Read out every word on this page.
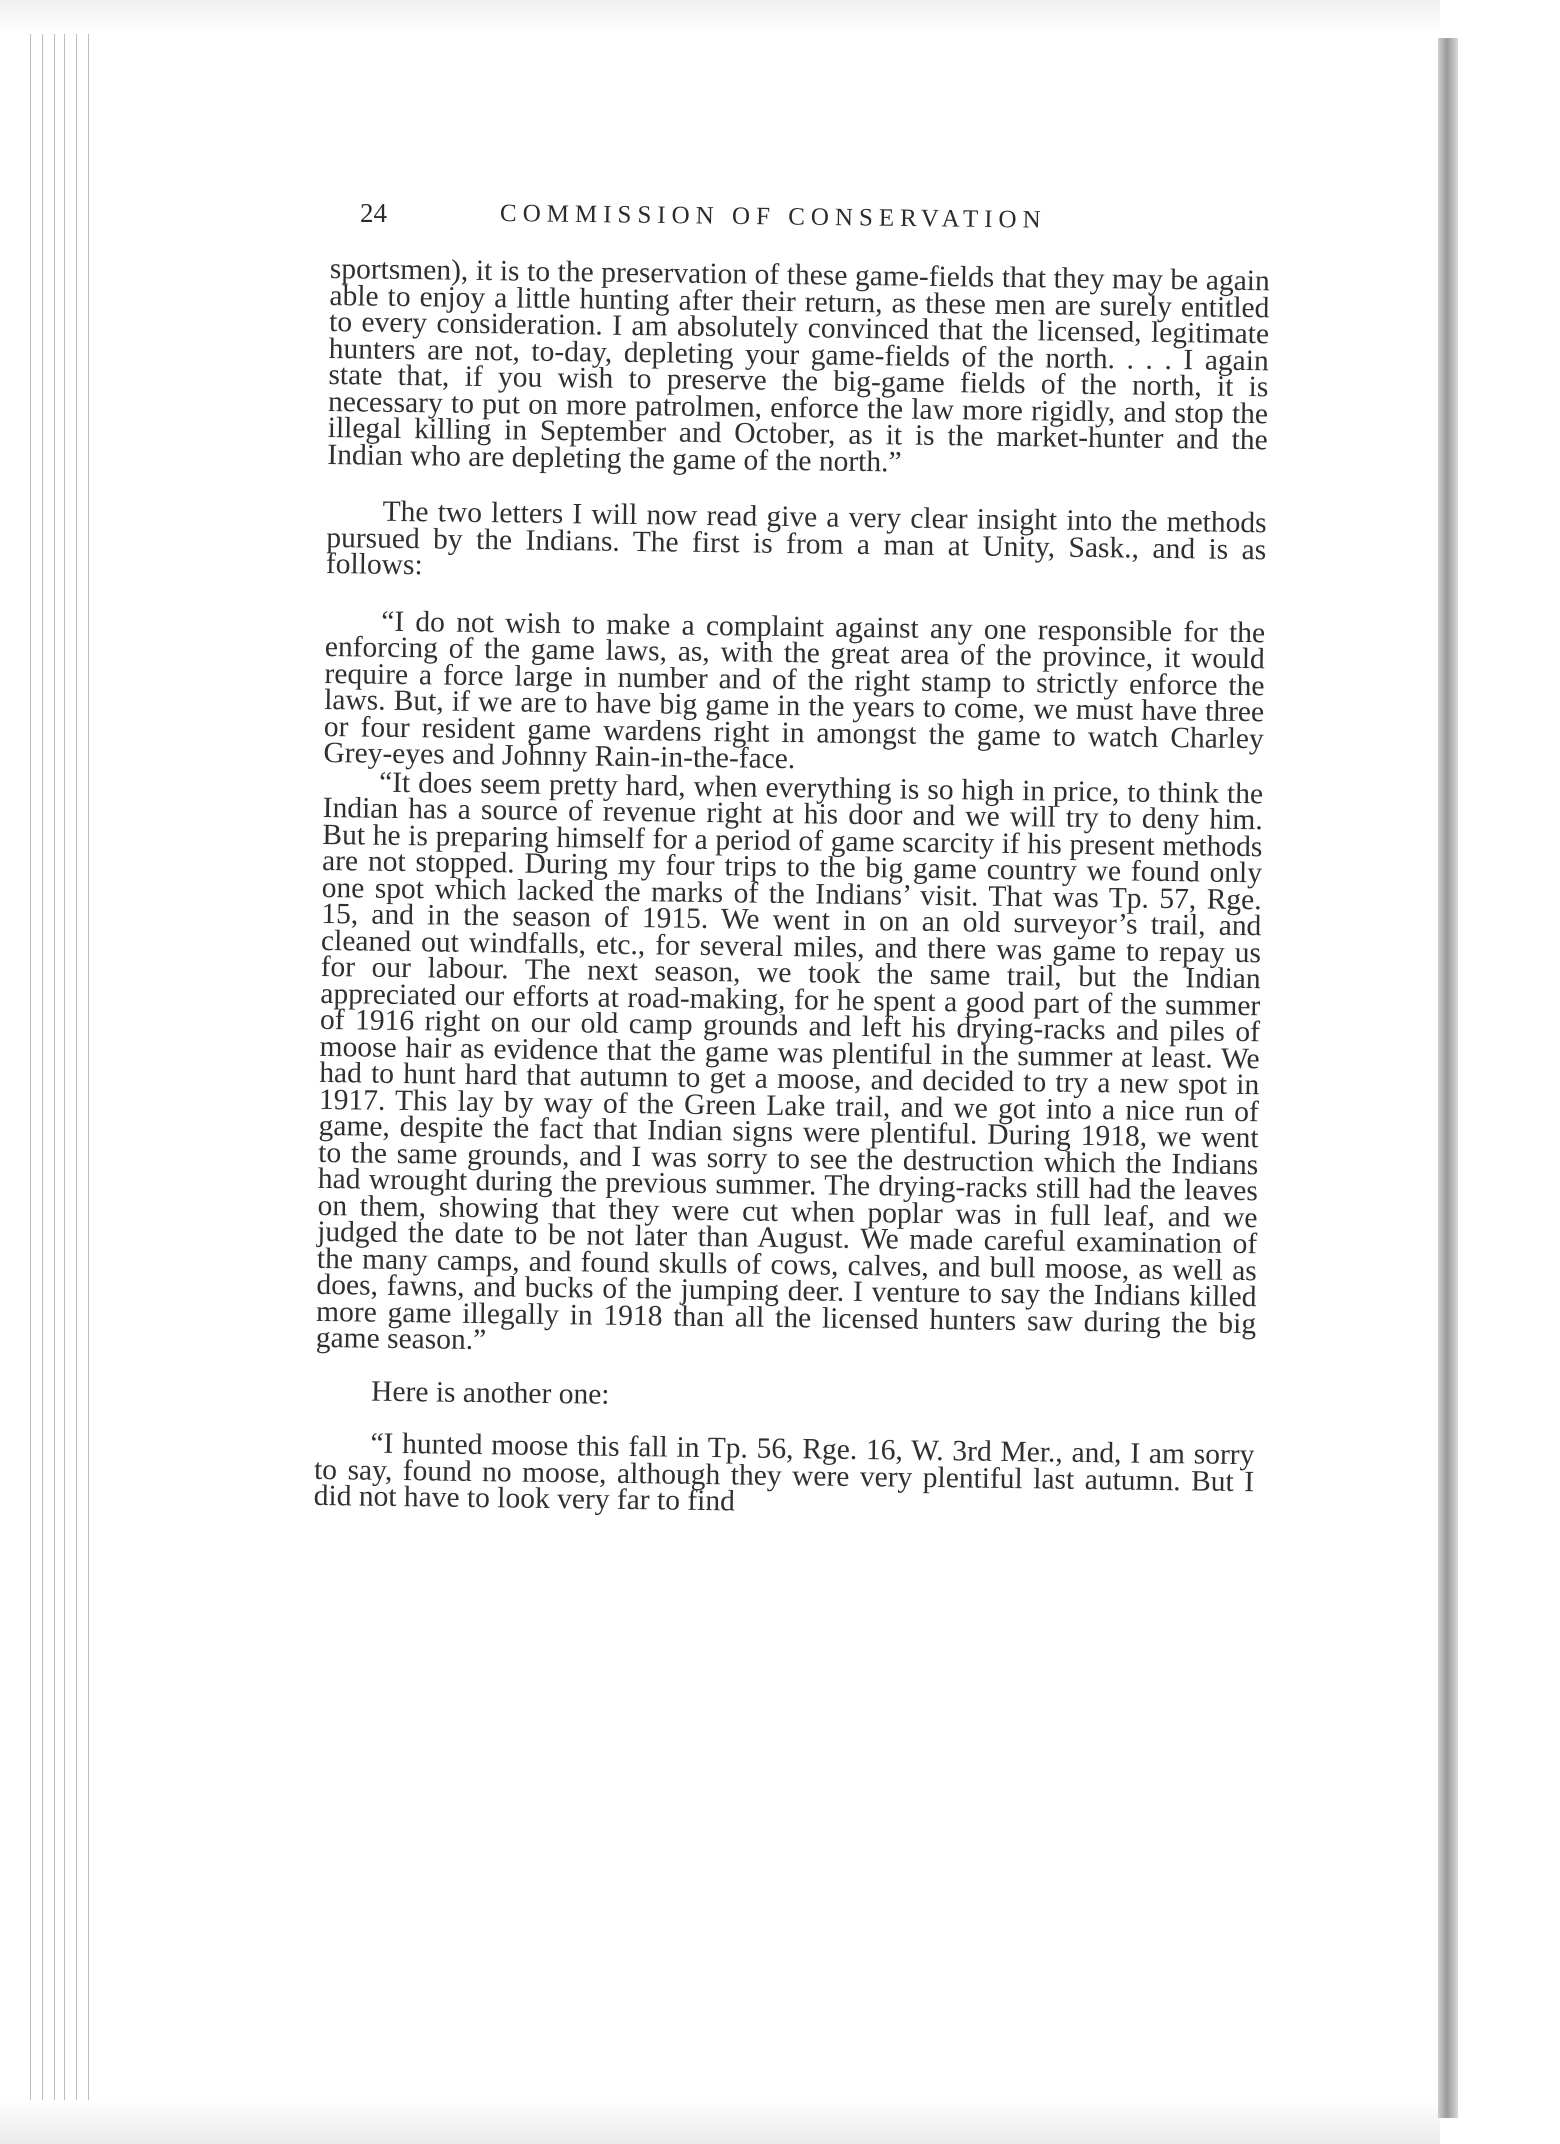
24	COMMISSION OF CONSERVATION

sportsmen), it is to the preservation of these game-fields that they may be again able to enjoy a little hunting after their return, as these men are surely entitled to every consideration. I am absolutely convinced that the licensed, legitimate hunters are not, to-day, depleting your game-fields of the north. . . . I again state that, if you wish to preserve the big-game fields of the north, it is necessary to put on more patrolmen, enforce the law more rigidly, and stop the illegal killing in September and October, as it is the market-hunter and the Indian who are depleting the game of the north.”

The two letters I will now read give a very clear insight into the methods pursued by the Indians. The first is from a man at Unity, Sask., and is as follows:

“I do not wish to make a complaint against any one responsible for the enforcing of the game laws, as, with the great area of the province, it would require a force large in number and of the right stamp to strictly enforce the laws. But, if we are to have big game in the years to come, we must have three or four resident game wardens right in amongst the game to watch Charley Grey-eyes and Johnny Rain-in-the-face.

“It does seem pretty hard, when everything is so high in price, to think the Indian has a source of revenue right at his door and we will try to deny him. But he is preparing himself for a period of game scarcity if his present methods are not stopped. During my four trips to the big game country we found only one spot which lacked the marks of the Indians’ visit. That was Tp. 57, Rge. 15, and in the season of 1915. We went in on an old surveyor’s trail, and cleaned out windfalls, etc., for several miles, and there was game to repay us for our labour. The next season, we took the same trail, but the Indian appreciated our efforts at road-making, for he spent a good part of the summer of 1916 right on our old camp grounds and left his drying-racks and piles of moose hair as evidence that the game was plentiful in the summer at least. We had to hunt hard that autumn to get a moose, and decided to try a new spot in 1917. This lay by way of the Green Lake trail, and we got into a nice run of game, despite the fact that Indian signs were plentiful. During 1918, we went to the same grounds, and I was sorry to see the destruction which the Indians had wrought during the previous summer. The drying-racks still had the leaves on them, showing that they were cut when poplar was in full leaf, and we judged the date to be not later than August. We made careful examination of the many camps, and found skulls of cows, calves, and bull moose, as well as does, fawns, and bucks of the jumping deer. I venture to say the Indians killed more game illegally in 1918 than all the licensed hunters saw during the big game season.”

Here is another one:

“I hunted moose this fall in Tp. 56, Rge. 16, W. 3rd Mer., and, I am sorry to say, found no moose, although they were very plentiful last autumn. But I did not have to look very far to find
